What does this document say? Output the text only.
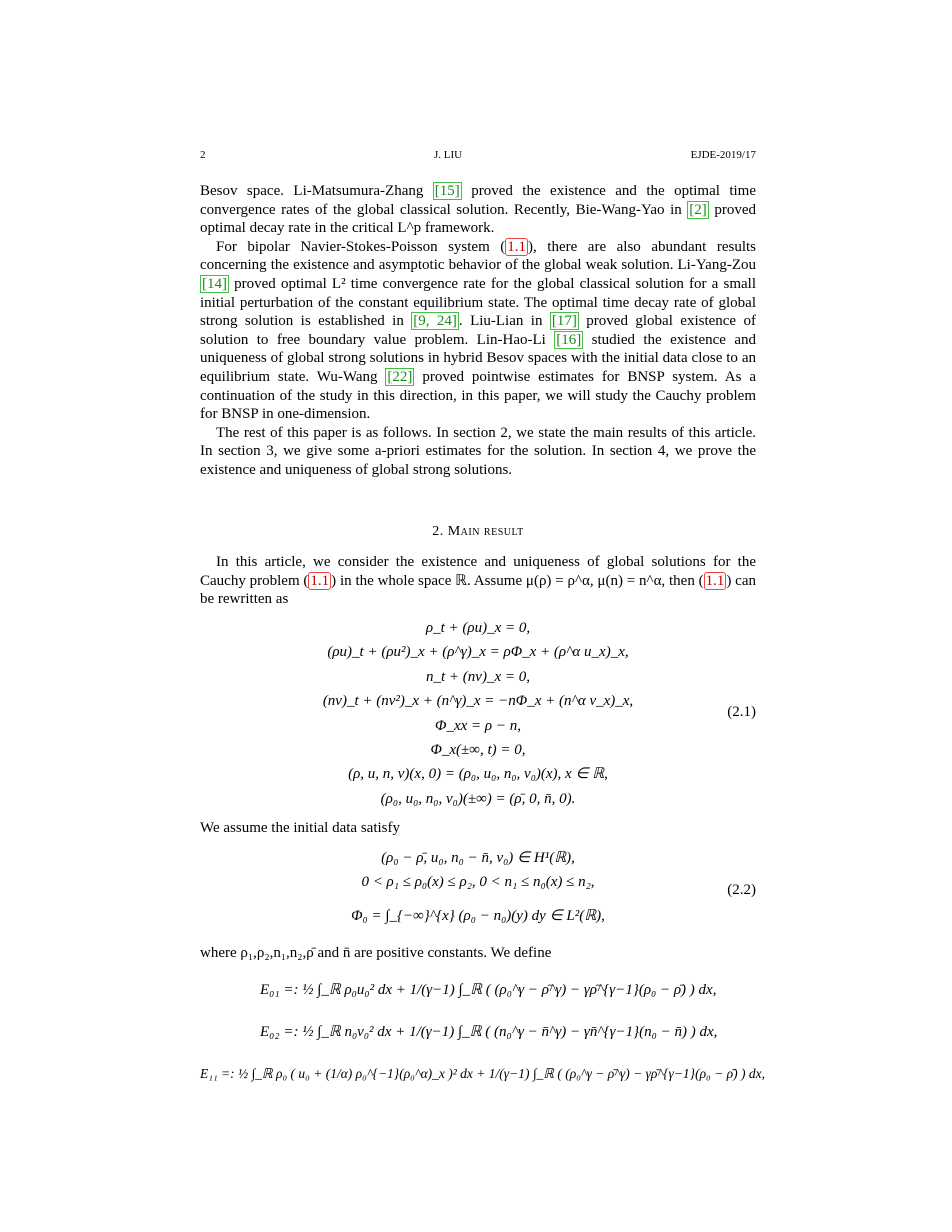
2	J. LIU	EJDE-2019/17

Besov space. Li-Matsumura-Zhang [15] proved the existence and the optimal time convergence rates of the global classical solution. Recently, Bie-Wang-Yao in [2] proved optimal decay rate in the critical L^p framework.

For bipolar Navier-Stokes-Poisson system ( 1.1 ), there are also abundant results concerning the existence and asymptotic behavior of the global weak solution. Li-Yang-Zou [14] proved optimal L² time convergence rate for the global classical solution for a small initial perturbation of the constant equilibrium state. The optimal time decay rate of global strong solution is established in [9, 24] . Liu-Lian in [17] proved global existence of solution to free boundary value problem. Lin-Hao-Li [16] studied the existence and uniqueness of global strong solutions in hybrid Besov spaces with the initial data close to an equilibrium state. Wu-Wang [22] proved pointwise estimates for BNSP system. As a continuation of the study in this direction, in this paper, we will study the Cauchy problem for BNSP in one-dimension.

The rest of this paper is as follows. In section 2, we state the main results of this article. In section 3, we give some a-priori estimates for the solution. In section 4, we prove the existence and uniqueness of global strong solutions.

2. Main result

In this article, we consider the existence and uniqueness of global solutions for the Cauchy problem ( 1.1 ) in the whole space ℝ. Assume μ(ρ) = ρ^α, μ(n) = n^α, then ( 1.1 ) can be rewritten as

ρ_t + (ρu)_x = 0,
(ρu)_t + (ρu²)_x + (ρ^γ)_x = ρΦ_x + (ρ^α u_x)_x,
n_t + (nv)_x = 0,
(nv)_t + (nv²)_x + (n^γ)_x = −nΦ_x + (n^α v_x)_x,
Φ_xx = ρ − n,
Φ_x(±∞, t) = 0,
(ρ, u, n, v)(x, 0) = (ρ₀, u₀, n₀, v₀)(x), x ∈ ℝ,
(ρ₀, u₀, n₀, v₀)(±∞) = (ρ̄, 0, n̄, 0).
(2.1)

We assume the initial data satisfy

(ρ₀ − ρ̄, u₀, n₀ − n̄, v₀) ∈ H¹(ℝ),
0 < ρ₁ ≤ ρ₀(x) ≤ ρ₂, 0 < n₁ ≤ n₀(x) ≤ n₂,
Φ₀ = ∫_{−∞}^{x} (ρ₀ − n₀)(y) dy ∈ L²(ℝ),
(2.2)

where ρ₁,ρ₂,n₁,n₂,ρ̄ and n̄ are positive constants. We define

E₀₁ =: ½ ∫_ℝ ρ₀u₀² dx + 1/(γ−1) ∫_ℝ ( (ρ₀^γ − ρ̄^γ) − γρ̄^{γ−1}(ρ₀ − ρ̄) ) dx,
E₀₂ =: ½ ∫_ℝ n₀v₀² dx + 1/(γ−1) ∫_ℝ ( (n₀^γ − n̄^γ) − γn̄^{γ−1}(n₀ − n̄) ) dx,
E₁₁ =: ½ ∫_ℝ ρ₀ ( u₀ + (1/α) ρ₀^{−1}(ρ₀^α)_x )² dx + 1/(γ−1) ∫_ℝ ( (ρ₀^γ − ρ̄^γ) − γρ̄^{γ−1}(ρ₀ − ρ̄) ) dx,
